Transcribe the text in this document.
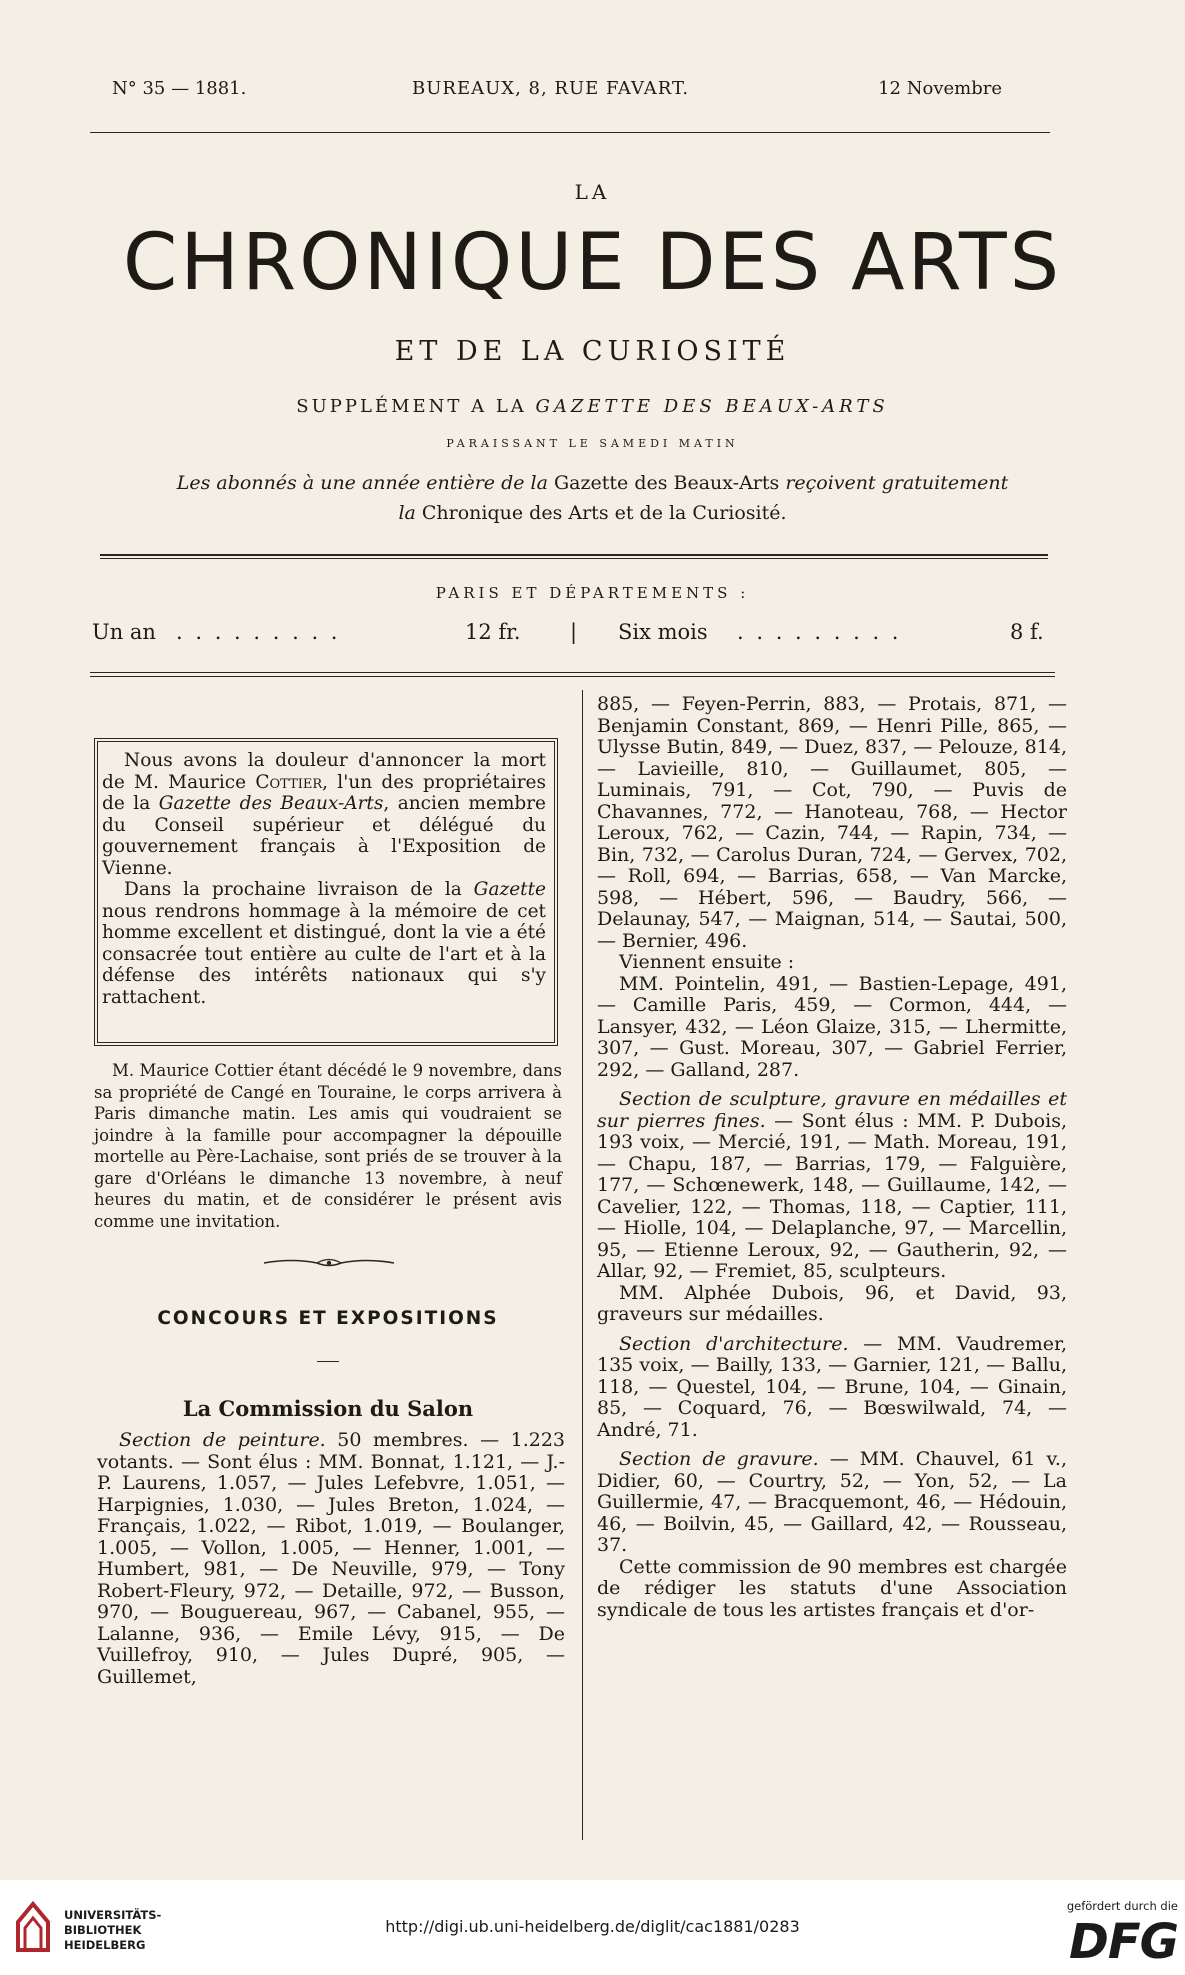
N° 35 — 1881.	BUREAUX, 8, RUE FAVART.	12 Novembre
LA
CHRONIQUE DES ARTS
ET DE LA CURIOSITÉ
SUPPLÉMENT A LA GAZETTE DES BEAUX-ARTS
PARAISSANT LE SAMEDI MATIN
Les abonnés à une année entière de la Gazette des Beaux-Arts reçoivent gratuitement
la Chronique des Arts et de la Curiosité.
PARIS ET DÉPARTEMENTS :
Un an . . . . . . . . .	12 fr. | Six mois . . . . . . . . .	8 f.

Nous avons la douleur d'annoncer la mort de M. Maurice Cottier, l'un des propriétaires de la Gazette des Beaux-Arts, ancien membre du Conseil supérieur et délégué du gouvernement français à l'Exposition de Vienne.

Dans la prochaine livraison de la Gazette nous rendrons hommage à la mémoire de cet homme excellent et distingué, dont la vie a été consacrée tout entière au culte de l'art et à la défense des intérêts nationaux qui s'y rattachent.

M. Maurice Cottier étant décédé le 9 novembre, dans sa propriété de Cangé en Touraine, le corps arrivera à Paris dimanche matin. Les amis qui voudraient se joindre à la famille pour accompagner la dépouille mortelle au Père-Lachaise, sont priés de se trouver à la gare d'Orléans le dimanche 13 novembre, à neuf heures du matin, et de considérer le présent avis comme une invitation.

CONCOURS ET EXPOSITIONS
La Commission du Salon

Section de peinture. 50 membres. — 1.223 votants. — Sont élus : MM. Bonnat, 1.121, — J.-P. Laurens, 1.057, — Jules Lefebvre, 1.051, — Harpignies, 1.030, — Jules Breton, 1.024, — Français, 1.022, — Ribot, 1.019, — Boulanger, 1.005, — Vollon, 1.005, — Henner, 1.001, — Humbert, 981, — De Neuville, 979, — Tony Robert-Fleury, 972, — Detaille, 972, — Busson, 970, — Bouguereau, 967, — Cabanel, 955, — Lalanne, 936, — Emile Lévy, 915, — De Vuillefroy, 910, — Jules Dupré, 905, — Guillemet,

885, — Feyen-Perrin, 883, — Protais, 871, — Benjamin Constant, 869, — Henri Pille, 865, — Ulysse Butin, 849, — Duez, 837, — Pelouze, 814, — Lavieille, 810, — Guillaumet, 805, — Luminais, 791, — Cot, 790, — Puvis de Chavannes, 772, — Hanoteau, 768, — Hector Leroux, 762, — Cazin, 744, — Rapin, 734, — Bin, 732, — Carolus Duran, 724, — Gervex, 702, — Roll, 694, — Barrias, 658, — Van Marcke, 598, — Hébert, 596, — Baudry, 566, — Delaunay, 547, — Maignan, 514, — Sautai, 500, — Bernier, 496.

Viennent ensuite :

MM. Pointelin, 491, — Bastien-Lepage, 491, — Camille Paris, 459, — Cormon, 444, — Lansyer, 432, — Léon Glaize, 315, — Lhermitte, 307, — Gust. Moreau, 307, — Gabriel Ferrier, 292, — Galland, 287.

Section de sculpture, gravure en médailles et sur pierres fines. — Sont élus : MM. P. Dubois, 193 voix, — Mercié, 191, — Math. Moreau, 191, — Chapu, 187, — Barrias, 179, — Falguière, 177, — Schœnewerk, 148, — Guillaume, 142, — Cavelier, 122, — Thomas, 118, — Captier, 111, — Hiolle, 104, — Delaplanche, 97, — Marcellin, 95, — Etienne Leroux, 92, — Gautherin, 92, — Allar, 92, — Fremiet, 85, sculpteurs.

MM. Alphée Dubois, 96, et David, 93, graveurs sur médailles.

Section d'architecture. — MM. Vaudremer, 135 voix, — Bailly, 133, — Garnier, 121, — Ballu, 118, — Questel, 104, — Brune, 104, — Ginain, 85, — Coquard, 76, — Bœswilwald, 74, — André, 71.

Section de gravure. — MM. Chauvel, 61 v., Didier, 60, — Courtry, 52, — Yon, 52, — La Guillermie, 47, — Bracquemont, 46, — Hédouin, 46, — Boilvin, 45, — Gaillard, 42, — Rousseau, 37.

Cette commission de 90 membres est chargée de rédiger les statuts d'une Association syndicale de tous les artistes français et d'or-

UNIVERSITÄTS-
BIBLIOTHEK
HEIDELBERG
http://digi.ub.uni-heidelberg.de/diglit/cac1881/0283
gefördert durch die
DFG
